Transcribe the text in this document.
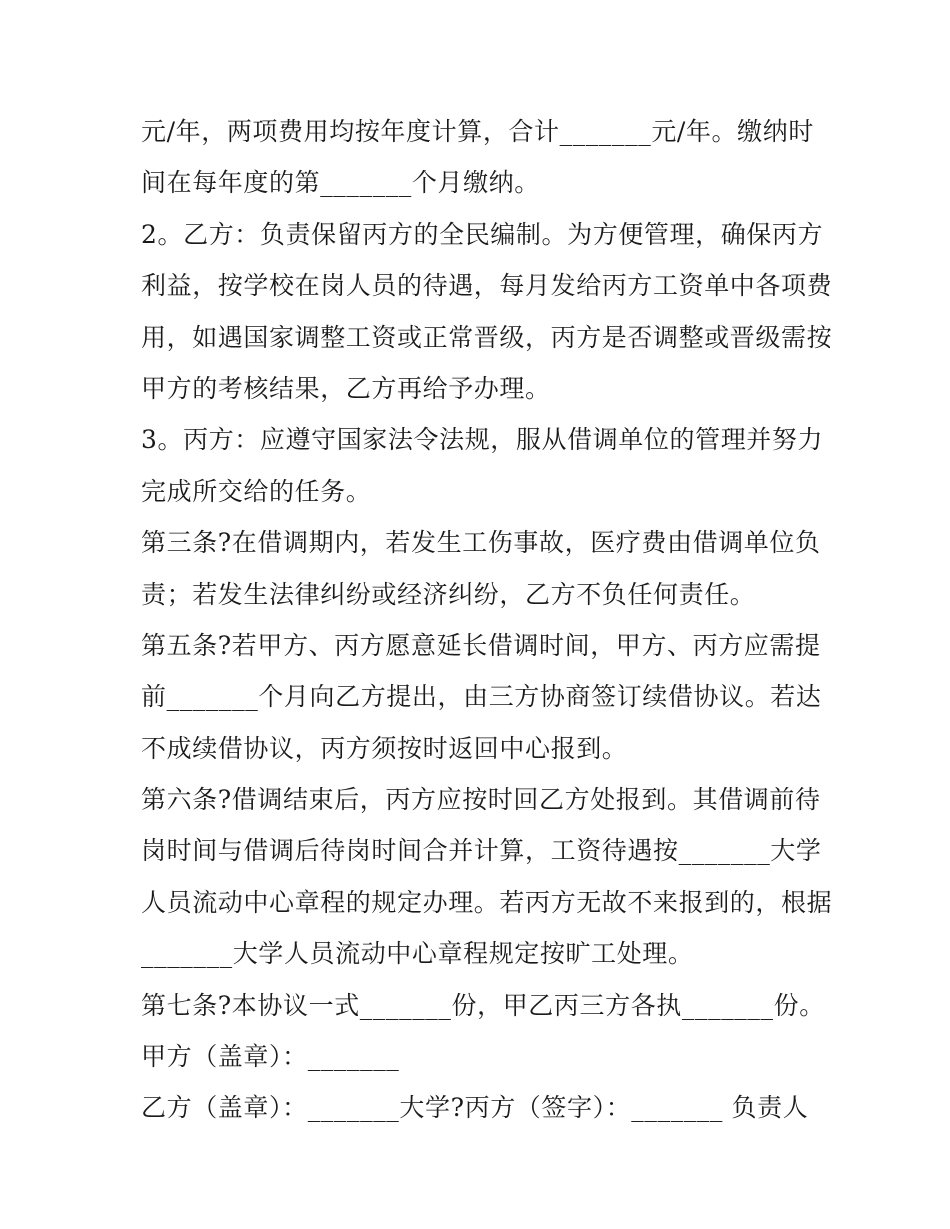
元/年，两项费用均按年度计算，合计_______元/年。缴纳时
间在每年度的第_______个月缴纳。
2。乙方：负责保留丙方的全民编制。为方便管理，确保丙方
利益，按学校在岗人员的待遇，每月发给丙方工资单中各项费
用，如遇国家调整工资或正常晋级，丙方是否调整或晋级需按
甲方的考核结果，乙方再给予办理。
3。丙方：应遵守国家法令法规，服从借调单位的管理并努力
完成所交给的任务。
第三条?在借调期内，若发生工伤事故，医疗费由借调单位负
责；若发生法律纠纷或经济纠纷，乙方不负任何责任。
第五条?若甲方、丙方愿意延长借调时间，甲方、丙方应需提
前_______个月向乙方提出，由三方协商签订续借协议。若达
不成续借协议，丙方须按时返回中心报到。
第六条?借调结束后，丙方应按时回乙方处报到。其借调前待
岗时间与借调后待岗时间合并计算，工资待遇按_______大学
人员流动中心章程的规定办理。若丙方无故不来报到的，根据
_______大学人员流动中心章程规定按旷工处理。
第七条?本协议一式_______份，甲乙丙三方各执_______份。
甲方（盖章）：_______
乙方（盖章）：_______大学?丙方（签字）：_______ 负责人
